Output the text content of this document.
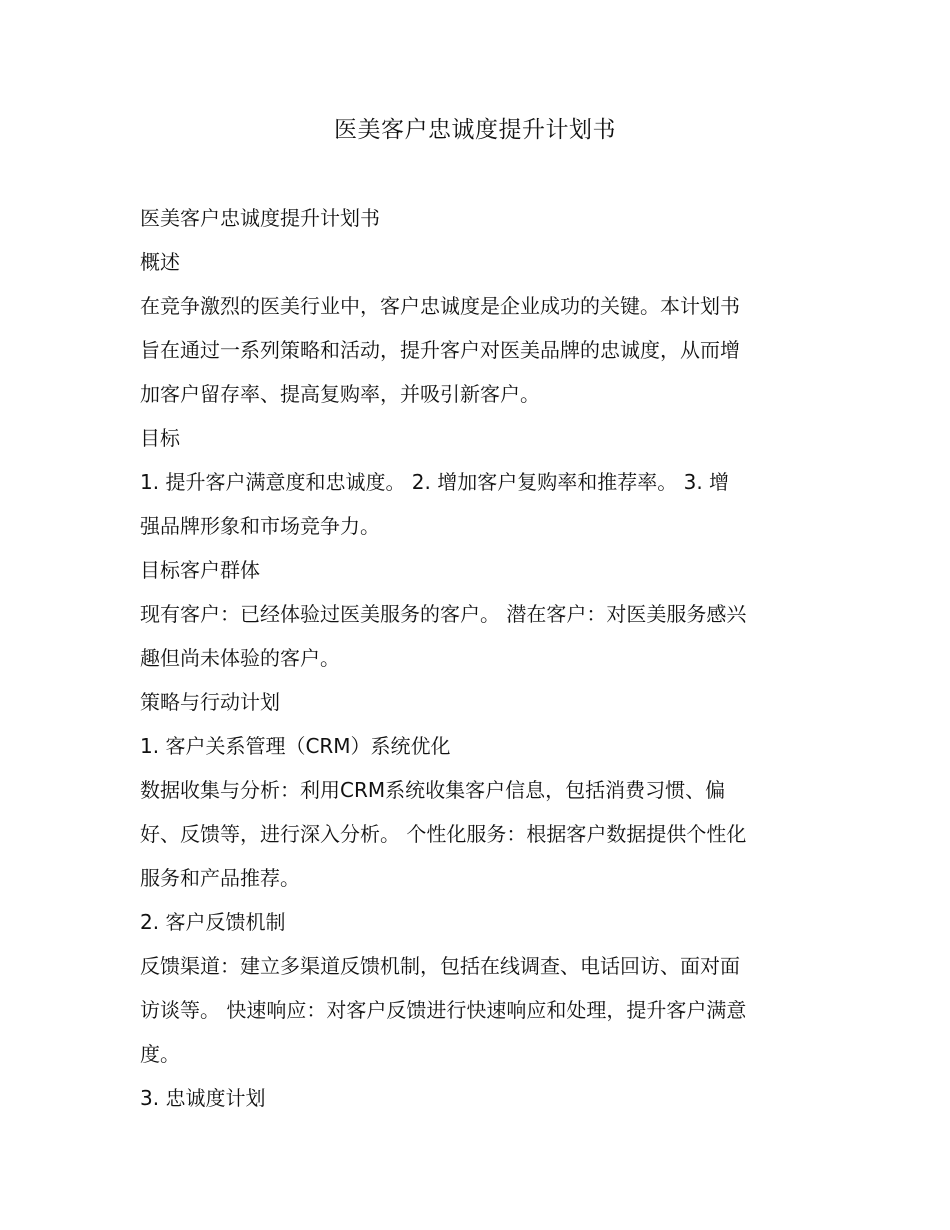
医美客户忠诚度提升计划书

医美客户忠诚度提升计划书

概述

在竞争激烈的医美行业中，客户忠诚度是企业成功的关键。本计划书

旨在通过一系列策略和活动，提升客户对医美品牌的忠诚度，从而增

加客户留存率、提高复购率，并吸引新客户。

目标

1. 提升客户满意度和忠诚度。 2. 增加客户复购率和推荐率。 3. 增

强品牌形象和市场竞争力。

目标客户群体

现有客户：已经体验过医美服务的客户。 潜在客户：对医美服务感兴

趣但尚未体验的客户。

策略与行动计划

1. 客户关系管理（CRM）系统优化

数据收集与分析：利用CRM系统收集客户信息，包括消费习惯、偏

好、反馈等，进行深入分析。 个性化服务：根据客户数据提供个性化

服务和产品推荐。

2. 客户反馈机制

反馈渠道：建立多渠道反馈机制，包括在线调查、电话回访、面对面

访谈等。 快速响应：对客户反馈进行快速响应和处理，提升客户满意

度。

3. 忠诚度计划
